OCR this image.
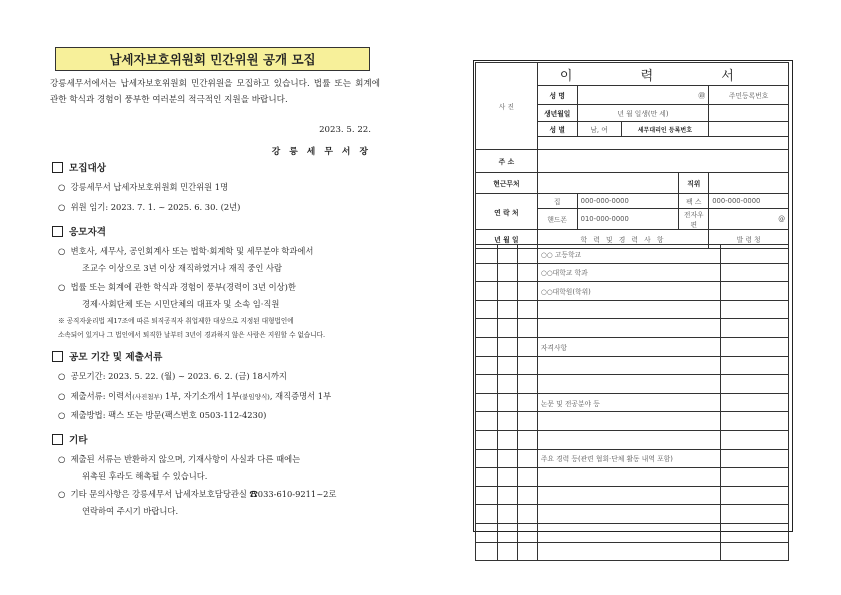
납세자보호위원회 민간위원 공개 모집
강릉세무서에서는 납세자보호위원회 민간위원을 모집하고 있습니다. 법률 또는 회계에 관한 학식과 경험이 풍부한 여러분의 적극적인 지원을 바랍니다.
2023. 5. 22.
강 릉 세 무 서 장
모집대상
○ 강릉세무서 납세자보호위원회 민간위원 1명
○ 위원 임기: 2023. 7. 1. ~ 2025. 6. 30. (2년)
응모자격
○ 변호사, 세무사, 공인회계사 또는 법학·회계학 및 세무분야 학과에서
조교수 이상으로 3년 이상 재직하였거나 재직 중인 사람
○ 법률 또는 회계에 관한 학식과 경험이 풍부(경력이 3년 이상)한
경제·사회단체 또는 시민단체의 대표자 및 소속 임·직원
※ 공직자윤리법 제17조에 따른 퇴직공직자 취업제한 대상으로 지정된 대형법인에
소속되어 있거나 그 법인에서 퇴직한 날부터 3년이 경과하지 않은 사람은 지원할 수 없습니다.
공모 기간 및 제출서류
○ 공모기간: 2023. 5. 22. (월) ~ 2023. 6. 2. (금) 18시까지
○ 제출서류: 이력서(사진첨부) 1부, 자기소개서 1부(붙임양식), 재직증명서 1부
○ 제출방법: 팩스 또는 방문(팩스번호 0503-112-4230)
기타
○ 제출된 서류는 반환하지 않으며, 기재사항이 사실과 다른 때에는
위촉된 후라도 해촉될 수 있습니다.
○ 기타 문의사항은 강릉세무서 납세자보호담당관실 ☎033-610-9211~2로
연락하여 주시기 바랍니다.
사 진	이 력 서				
	성 명	㊞			주민등록번호
	생년월일	년 월 일생(만 세)			
	성 별	남, 여	세무대리인 등록번호		

주 소					
현근무처				직위	
연 락 처	집	000-000-0000		팩 스	000-000-0000
	핸드폰	010-000-0000		전자우편	@
년 월 일	학 력 및 경 력 사 항				발 령 청
			○○ 고등학교	
			○○대학교 학과	
			○○대학원(학위)	

			자격사항	

			논문 및 전공분야 등	

			주요 경력 등(관련 협회·단체 활동 내역 포함)	
